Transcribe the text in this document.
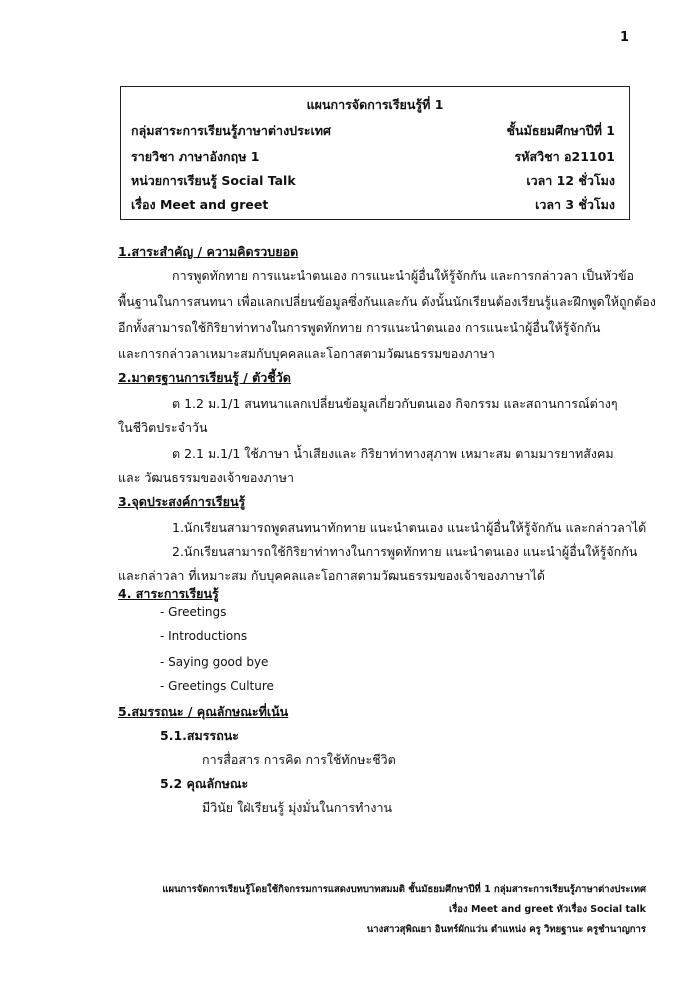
1
แผนการจัดการเรียนรู้ที่ 1
กลุ่มสาระการเรียนรู้ภาษาต่างประเทศ	ชั้นมัธยมศึกษาปีที่ 1
รายวิชา ภาษาอังกฤษ 1	รหัสวิชา อ21101
หน่วยการเรียนรู้ Social Talk	เวลา 12 ชั่วโมง
เรื่อง Meet and greet	เวลา 3 ชั่วโมง
1.สาระสำคัญ / ความคิดรวบยอด
การพูดทักทาย การแนะนำตนเอง การแนะนำผู้อื่นให้รู้จักกัน และการกล่าวลา เป็นหัวข้อ
พื้นฐานในการสนทนา เพื่อแลกเปลี่ยนข้อมูลซึ่งกันและกัน ดังนั้นนักเรียนต้องเรียนรู้และฝึกพูดให้ถูกต้อง
อีกทั้งสามารถใช้กิริยาท่าทางในการพูดทักทาย การแนะนำตนเอง การแนะนำผู้อื่นให้รู้จักกัน
และการกล่าวลาเหมาะสมกับบุคคลและโอกาสตามวัฒนธรรมของภาษา
2.มาตรฐานการเรียนรู้ / ตัวชี้วัด
ต 1.2 ม.1/1 สนทนาแลกเปลี่ยนข้อมูลเกี่ยวกับตนเอง กิจกรรม และสถานการณ์ต่างๆ
ในชีวิตประจำวัน
ต 2.1 ม.1/1 ใช้ภาษา น้ำเสียงและ กิริยาท่าทางสุภาพ เหมาะสม ตามมารยาทสังคม
และ วัฒนธรรมของเจ้าของภาษา
3.จุดประสงค์การเรียนรู้
1.นักเรียนสามารถพูดสนทนาทักทาย แนะนำตนเอง แนะนำผู้อื่นให้รู้จักกัน และกล่าวลาได้
2.นักเรียนสามารถใช้กิริยาท่าทางในการพูดทักทาย แนะนำตนเอง แนะนำผู้อื่นให้รู้จักกัน
และกล่าวลา ที่เหมาะสม กับบุคคลและโอกาสตามวัฒนธรรมของเจ้าของภาษาได้
4. สาระการเรียนรู้
- Greetings
- Introductions
- Saying good bye
- Greetings Culture
5.สมรรถนะ / คุณลักษณะที่เน้น
5.1.สมรรถนะ
การสื่อสาร การคิด การใช้ทักษะชีวิต
5.2 คุณลักษณะ
มีวินัย ใฝ่เรียนรู้ มุ่งมั่นในการทำงาน
แผนการจัดการเรียนรู้โดยใช้กิจกรรมการแสดงบทบาทสมมติ ชั้นมัธยมศึกษาปีที่ 1 กลุ่มสาระการเรียนรู้ภาษาต่างประเทศ
เรื่อง Meet and greet หัวเรื่อง Social talk
นางสาวสุพิณยา อินทร์ผักแว่น ตำแหน่ง ครู วิทยฐานะ ครูชำนาญการ
